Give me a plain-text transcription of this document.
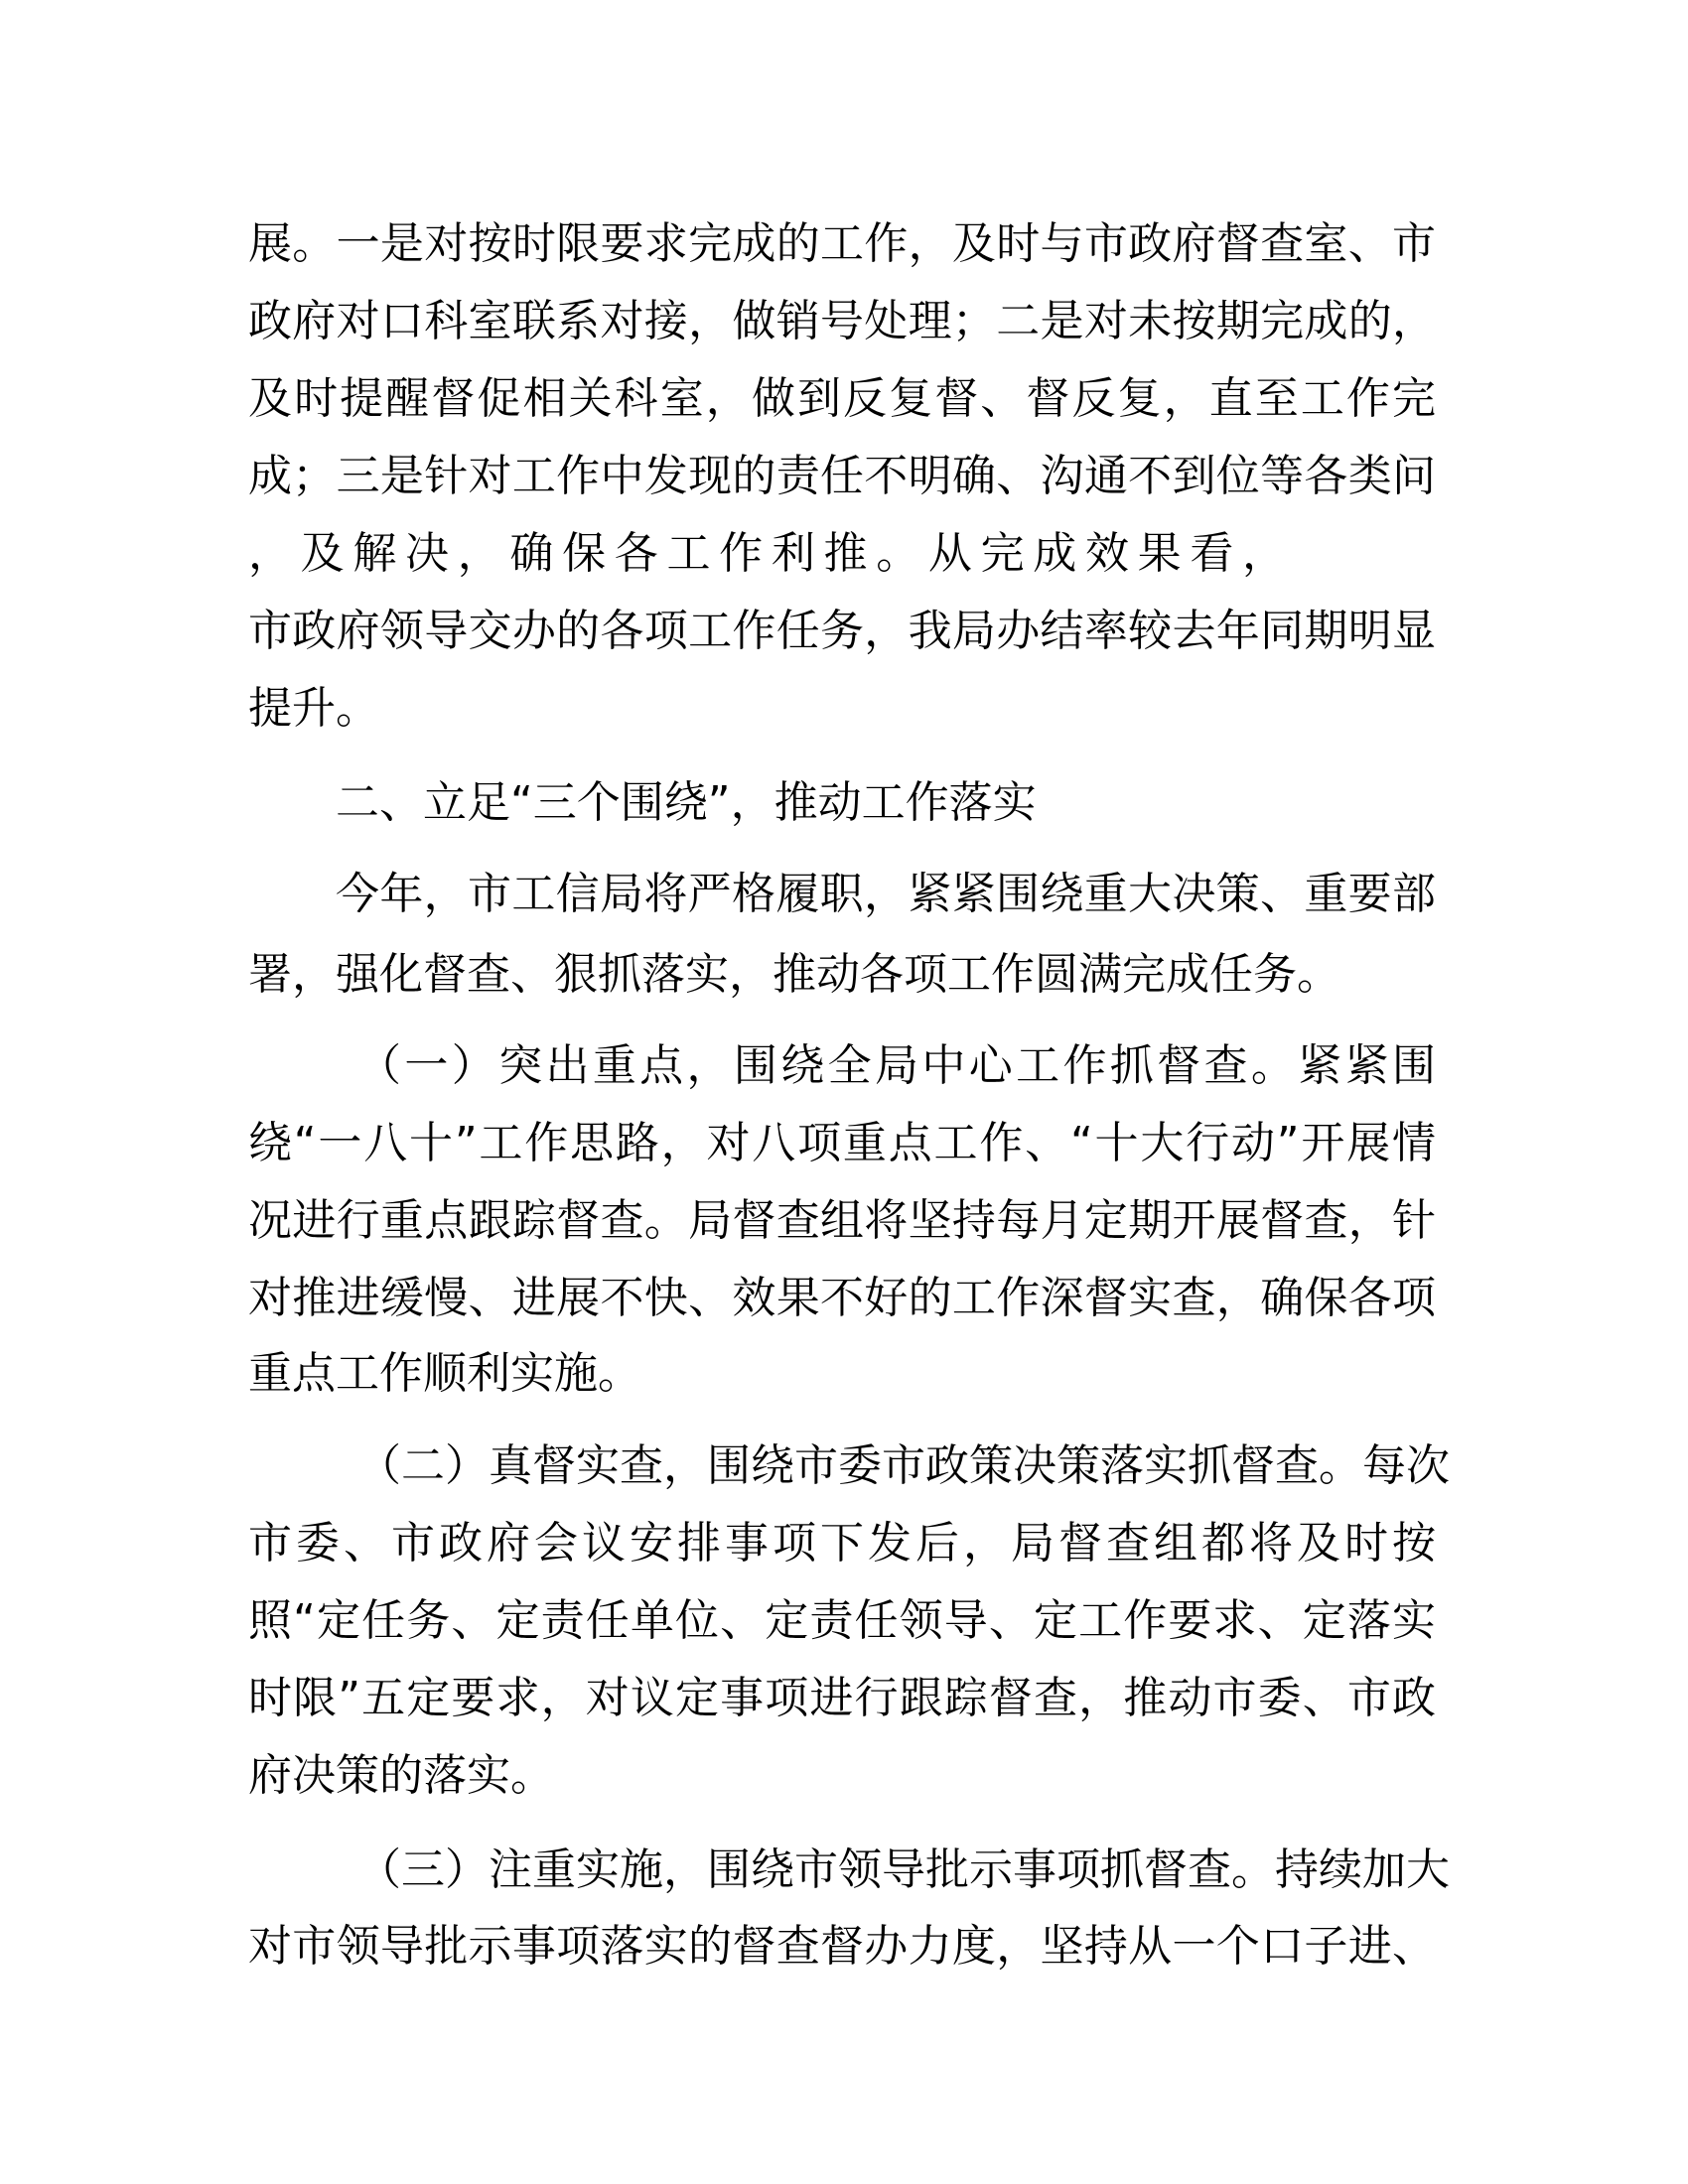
展。一是对按时限要求完成的工作，及时与市政府督查室、市
政府对口科室联系对接，做销号处理；二是对未按期完成的，
及时提醒督促相关科室，做到反复督、督反复，直至工作完
成；三是针对工作中发现的责任不明确、沟通不到位等各类问
，及解决，确保各工作利推。从完成效果看，
市政府领导交办的各项工作任务，我局办结率较去年同期明显
提升。
二、立足“三个围绕”，推动工作落实
今年，市工信局将严格履职，紧紧围绕重大决策、重要部
署，强化督查、狠抓落实，推动各项工作圆满完成任务。
（一）突出重点，围绕全局中心工作抓督查。紧紧围
绕“一八十”工作思路，对八项重点工作、“十大行动”开展情
况进行重点跟踪督查。局督查组将坚持每月定期开展督查，针
对推进缓慢、进展不快、效果不好的工作深督实查，确保各项
重点工作顺利实施。
（二）真督实查，围绕市委市政策决策落实抓督查。每次
市委、市政府会议安排事项下发后，局督查组都将及时按
照“定任务、定责任单位、定责任领导、定工作要求、定落实
时限”五定要求，对议定事项进行跟踪督查，推动市委、市政
府决策的落实。
（三）注重实施，围绕市领导批示事项抓督查。持续加大
对市领导批示事项落实的督查督办力度，坚持从一个口子进、
